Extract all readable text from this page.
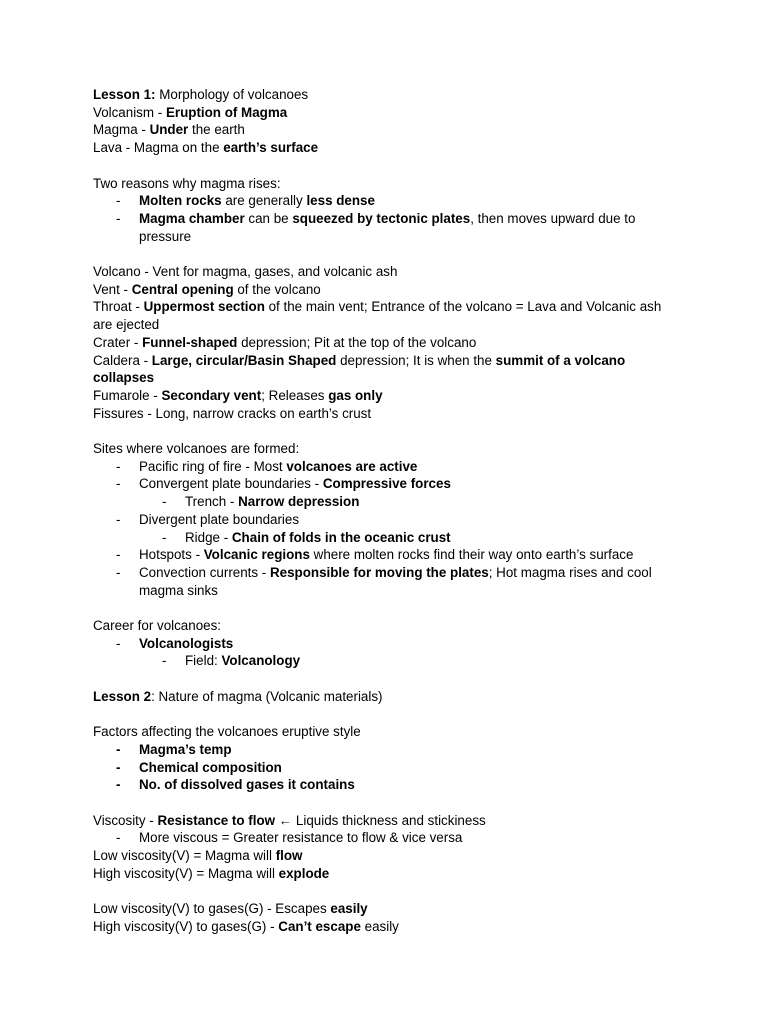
Lesson 1: Morphology of volcanoes
Volcanism - Eruption of Magma
Magma - Under the earth
Lava - Magma on the earth’s surface
Two reasons why magma rises:
- Molten rocks are generally less dense
- Magma chamber can be squeezed by tectonic plates, then moves upward due to pressure
Volcano - Vent for magma, gases, and volcanic ash
Vent - Central opening of the volcano
Throat - Uppermost section of the main vent; Entrance of the volcano = Lava and Volcanic ash are ejected
Crater - Funnel-shaped depression; Pit at the top of the volcano
Caldera - Large, circular/Basin Shaped depression; It is when the summit of a volcano collapses
Fumarole - Secondary vent; Releases gas only
Fissures - Long, narrow cracks on earth’s crust
Sites where volcanoes are formed:
- Pacific ring of fire - Most volcanoes are active
- Convergent plate boundaries - Compressive forces
- Trench - Narrow depression
- Divergent plate boundaries
- Ridge - Chain of folds in the oceanic crust
- Hotspots - Volcanic regions where molten rocks find their way onto earth’s surface
- Convection currents - Responsible for moving the plates; Hot magma rises and cool magma sinks
Career for volcanoes:
- Volcanologists
- Field: Volcanology
Lesson 2: Nature of magma (Volcanic materials)
Factors affecting the volcanoes eruptive style
- Magma’s temp
- Chemical composition
- No. of dissolved gases it contains
Viscosity - Resistance to flow ← Liquids thickness and stickiness
- More viscous = Greater resistance to flow & vice versa
Low viscosity(V) = Magma will flow
High viscosity(V) = Magma will explode
Low viscosity(V) to gases(G) - Escapes easily
High viscosity(V) to gases(G) - Can’t escape easily
